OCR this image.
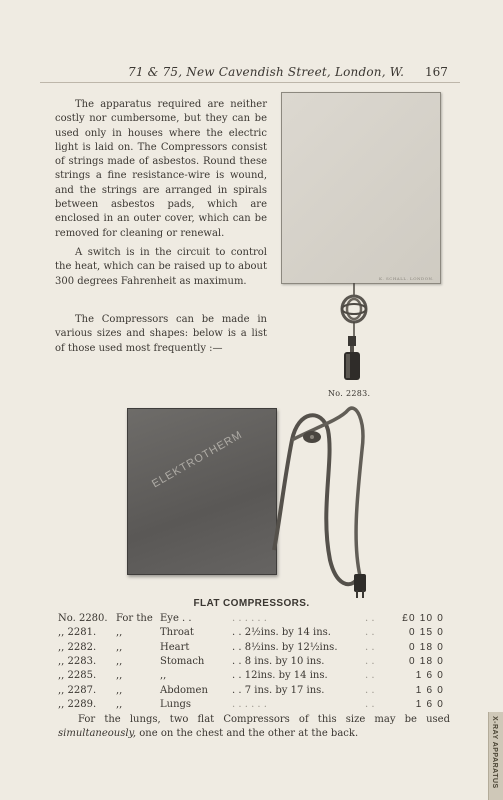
71 & 75, New Cavendish Street, London, W. 167
The apparatus required are neither costly nor cumbersome, but they can be used only in houses where the electric light is laid on. The Compressors consist of strings made of asbestos. Round these strings a fine resistance-wire is wound, and the strings are arranged in spirals between asbestos pads, which are enclosed in an outer cover, which can be removed for cleaning or renewal.
A switch is in the circuit to control the heat, which can be raised up to about 300 degrees Fahrenheit as maximum.
The Compressors can be made in various sizes and shapes: below is a list of those used most frequently :—
K. SCHALL. LONDON.
No. 2283.
ELEKTROTHERM
FLAT COMPRESSORS.
No. 2280. For the Eye . .	. . . . . .	. .	£0 10 0
,, 2281. ,,	Throat	. . 2½ins. by 14 ins.	. .	0 15 0
,, 2282. ,,	Heart	. . 8½ins. by 12½ins.	. .	0 18 0
,, 2283. ,,	Stomach	. . 8 ins. by 10 ins.	. .	0 18 0
,, 2285. ,,	,,	. . 12ins. by 14 ins.	. .	1 6 0
,, 2287. ,,	Abdomen . . 7 ins. by 17 ins.	. .	1 6 0
,, 2289. ,,	Lungs	. . . . . .	. .	1 6 0
For the lungs, two flat Compressors of this size may be used simultaneously, one on the chest and the other at the back.	X-RAY APPARATUS
